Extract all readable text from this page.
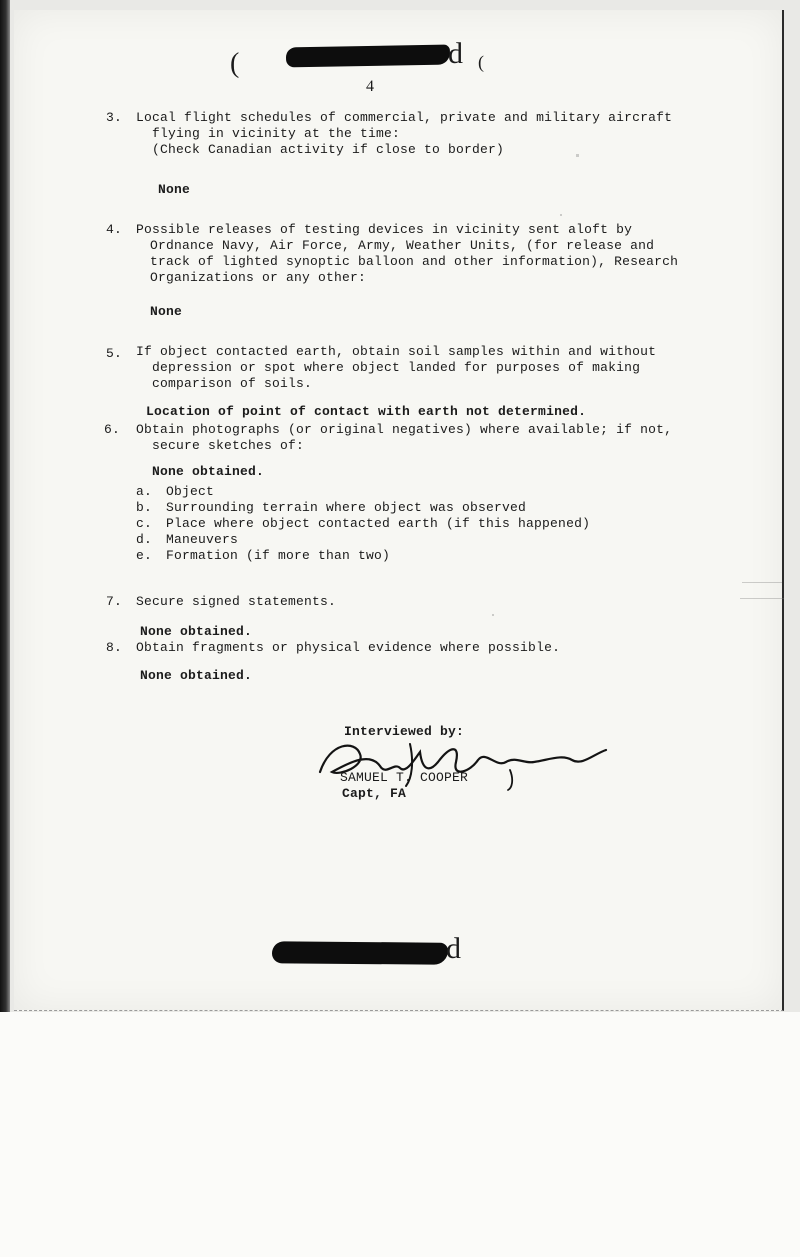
(	d (
4
3. Local flight schedules of commercial, private and military aircraft
flying in vicinity at the time:
(Check Canadian activity if close to border)
None
4. Possible releases of testing devices in vicinity sent aloft by
Ordnance Navy, Air Force, Army, Weather Units, (for release and
track of lighted synoptic balloon and other information), Research
Organizations or any other:
None
5. If object contacted earth, obtain soil samples within and without
depression or spot where object landed for purposes of making
comparison of soils.
Location of point of contact with earth not determined.
6. Obtain photographs (or original negatives) where available; if not,
secure sketches of:
None obtained.
a. Object
b. Surrounding terrain where object was observed
c. Place where object contacted earth (if this happened)
d. Maneuvers
e. Formation (if more than two)
7. Secure signed statements.
None obtained.
8. Obtain fragments or physical evidence where possible.
None obtained.
Interviewed by:
SAMUEL T. COOPER
Capt, FA
d
